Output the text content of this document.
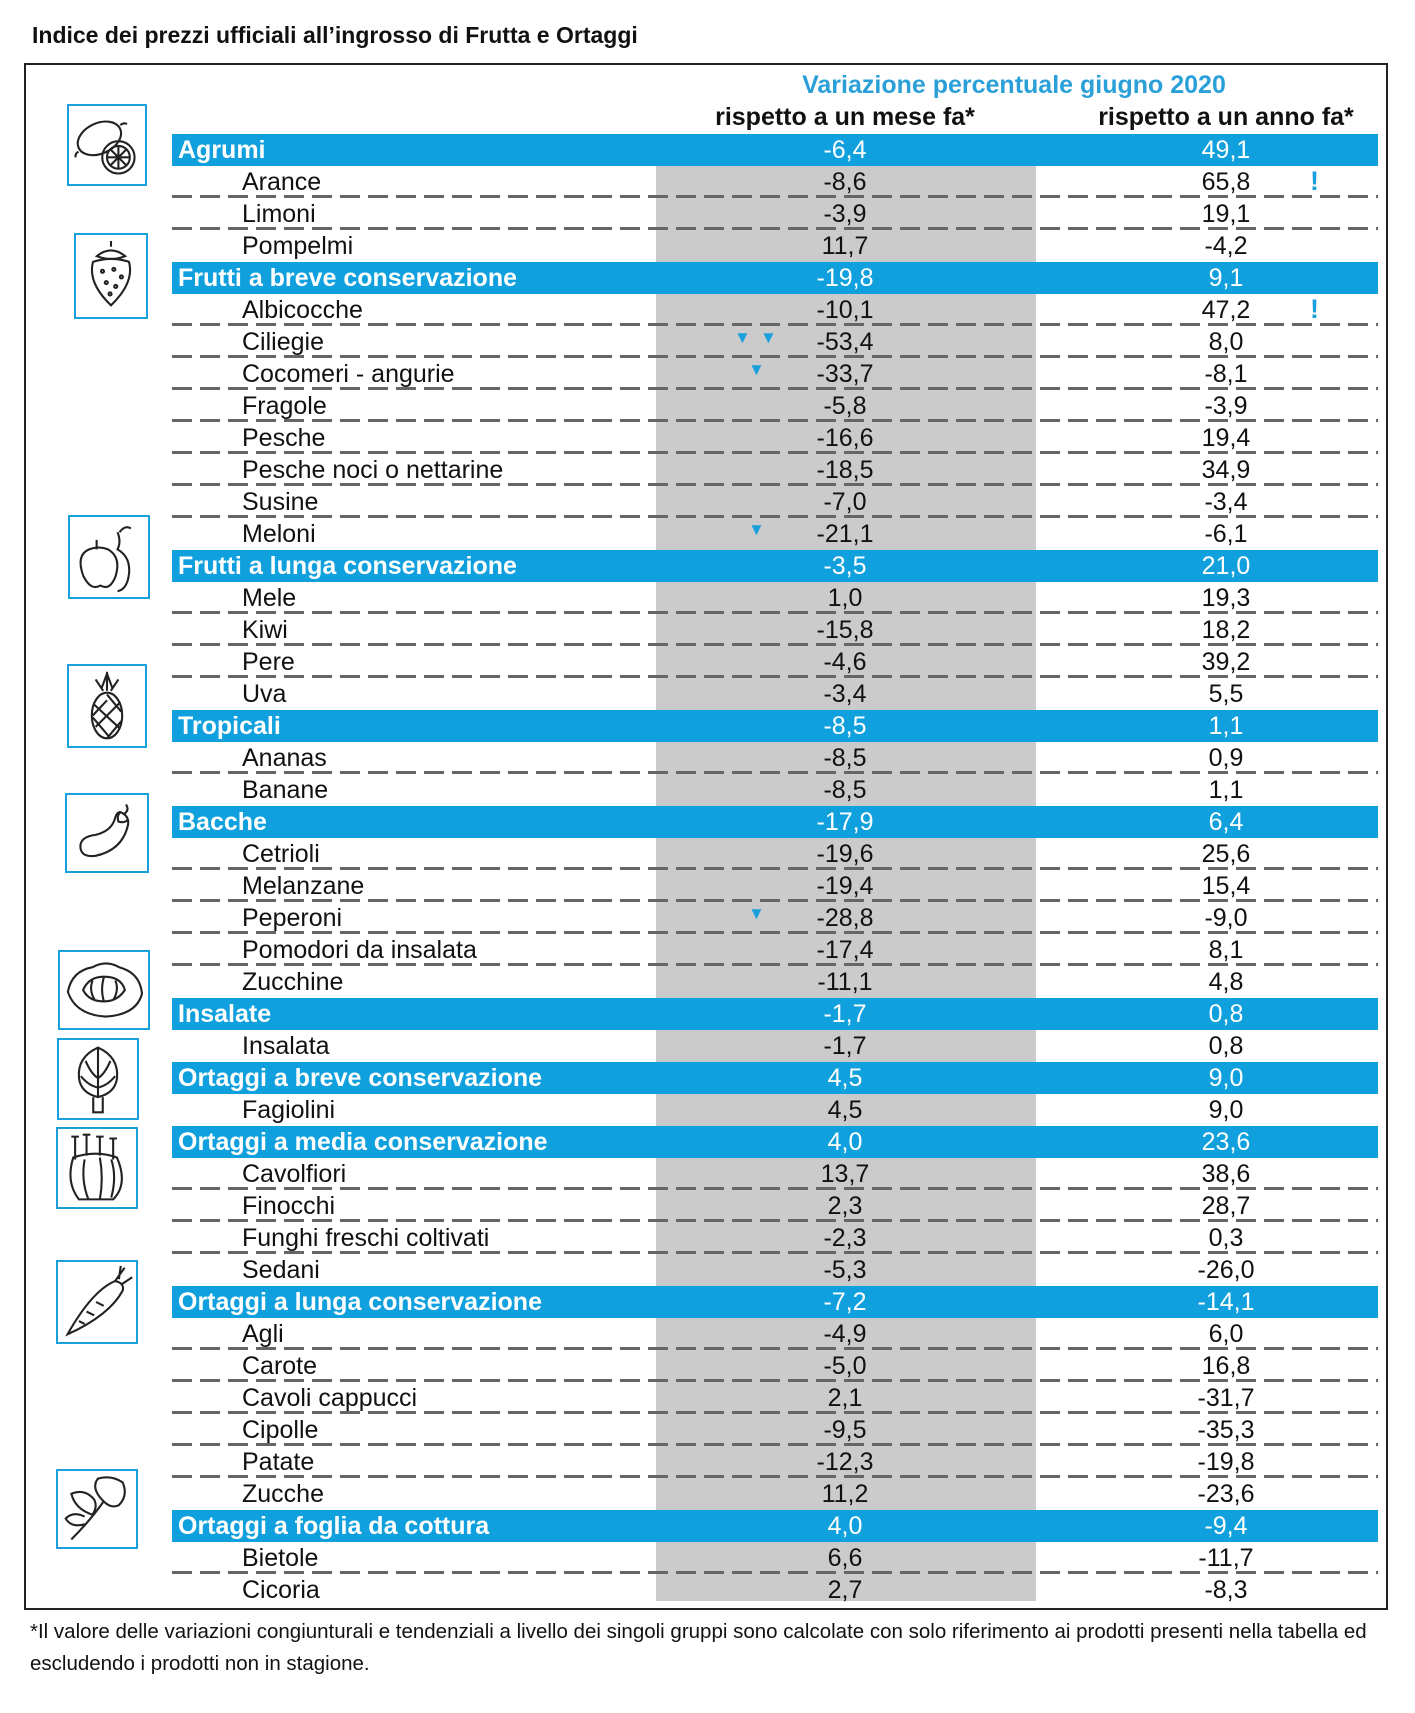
Indice dei prezzi ufficiali all’ingrosso di Frutta e Ortaggi
Variazione percentuale giugno 2020
rispetto a un mese fa*	rispetto a un anno fa*
Agrumi	-6,4	49,1
Arance	-8,6	65,8	!
Limoni	-3,9	19,1
Pompelmi	11,7	-4,2
Frutti a breve conservazione	-19,8	9,1
Albicocche	-10,1	47,2	!
Ciliegie	-53,4	8,0
▼ ▼
Cocomeri - angurie	-33,7	-8,1
▼
Fragole	-5,8	-3,9
Pesche	-16,6	19,4
Pesche noci o nettarine	-18,5	34,9
Susine	-7,0	-3,4
Meloni	-21,1	-6,1
▼
Frutti a lunga conservazione	-3,5	21,0
Mele	1,0	19,3
Kiwi	-15,8	18,2
Pere	-4,6	39,2
Uva	-3,4	5,5
Tropicali	-8,5	1,1
Ananas	-8,5	0,9
Banane	-8,5	1,1
Bacche	-17,9	6,4
Cetrioli	-19,6	25,6
Melanzane	-19,4	15,4
Peperoni	-28,8	-9,0
▼
Pomodori da insalata	-17,4	8,1
Zucchine	-11,1	4,8
Insalate	-1,7	0,8
Insalata	-1,7	0,8
Ortaggi a breve conservazione	4,5	9,0
Fagiolini	4,5	9,0
Ortaggi a media conservazione	4,0	23,6
Cavolfiori	13,7	38,6
Finocchi	2,3	28,7
Funghi freschi coltivati	-2,3	0,3
Sedani	-5,3	-26,0
Ortaggi a lunga conservazione	-7,2	-14,1
Agli	-4,9	6,0
Carote	-5,0	16,8
Cavoli cappucci	2,1	-31,7
Cipolle	-9,5	-35,3
Patate	-12,3	-19,8
Zucche	11,2	-23,6
Ortaggi a foglia da cottura	4,0	-9,4
Bietole	6,6	-11,7
Cicoria	2,7	-8,3
*Il valore delle variazioni congiunturali e tendenziali a livello dei singoli gruppi sono calcolate con solo riferimento ai prodotti presenti nella tabella ed escludendo i prodotti non in stagione.
